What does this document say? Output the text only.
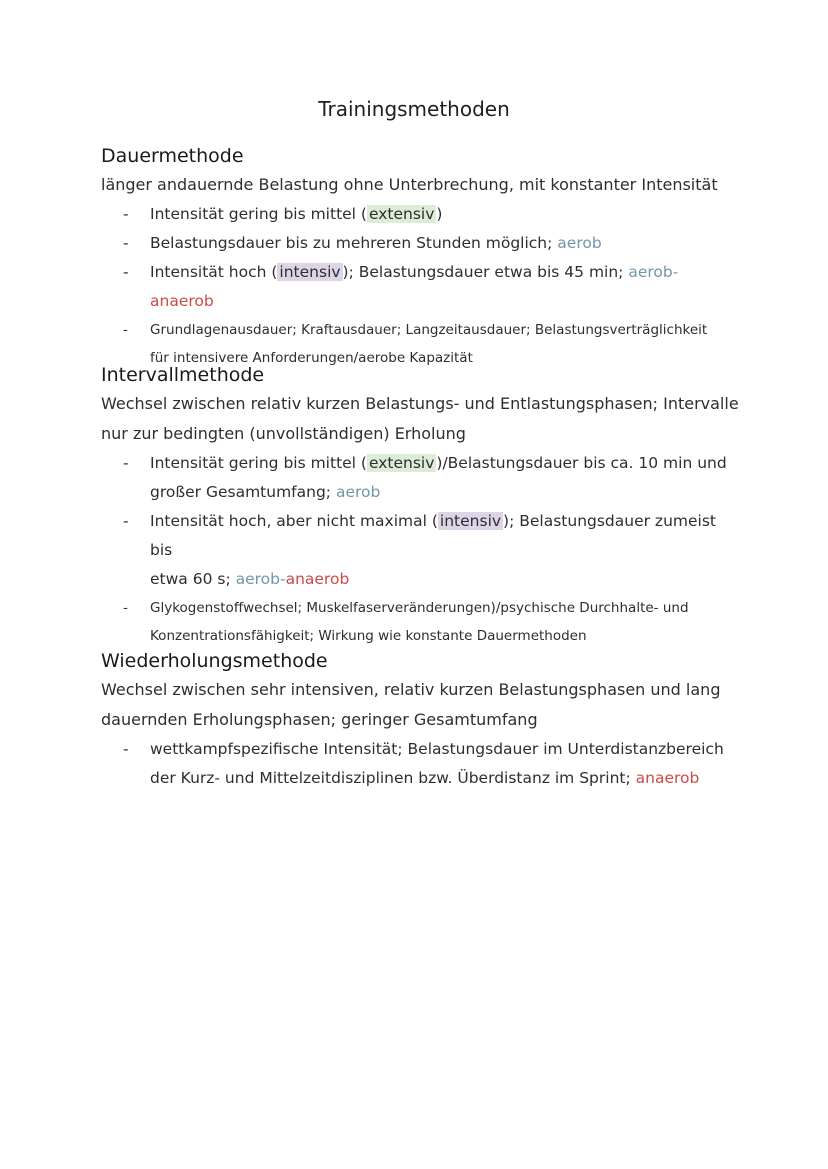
Trainingsmethoden
Dauermethode
länger andauernde Belastung ohne Unterbrechung, mit konstanter Intensität
-	Intensität gering bis mittel ( extensiv )
-	Belastungsdauer bis zu mehreren Stunden möglich; aerob
-	Intensität hoch ( intensiv ); Belastungsdauer etwa bis 45 min; aerob-anaerob
-	Grundlagenausdauer; Kraftausdauer; Langzeitausdauer; Belastungsverträglichkeit
für intensivere Anforderungen/aerobe Kapazität
Intervallmethode
Wechsel zwischen relativ kurzen Belastungs- und Entlastungsphasen; Intervalle
nur zur bedingten (unvollständigen) Erholung
-	Intensität gering bis mittel ( extensiv )/Belastungsdauer bis ca. 10 min und
großer Gesamtumfang; aerob
-	Intensität hoch, aber nicht maximal ( intensiv ); Belastungsdauer zumeist bis
etwa 60 s; aerob-anaerob
-	Glykogenstoffwechsel; Muskelfaserveränderungen)/psychische Durchhalte- und
Konzentrationsfähigkeit; Wirkung wie konstante Dauermethoden
Wiederholungsmethode
Wechsel zwischen sehr intensiven, relativ kurzen Belastungsphasen und lang
dauernden Erholungsphasen; geringer Gesamtumfang
-	wettkampfspezifische Intensität; Belastungsdauer im Unterdistanzbereich
der Kurz- und Mittelzeitdisziplinen bzw. Überdistanz im Sprint; anaerob
